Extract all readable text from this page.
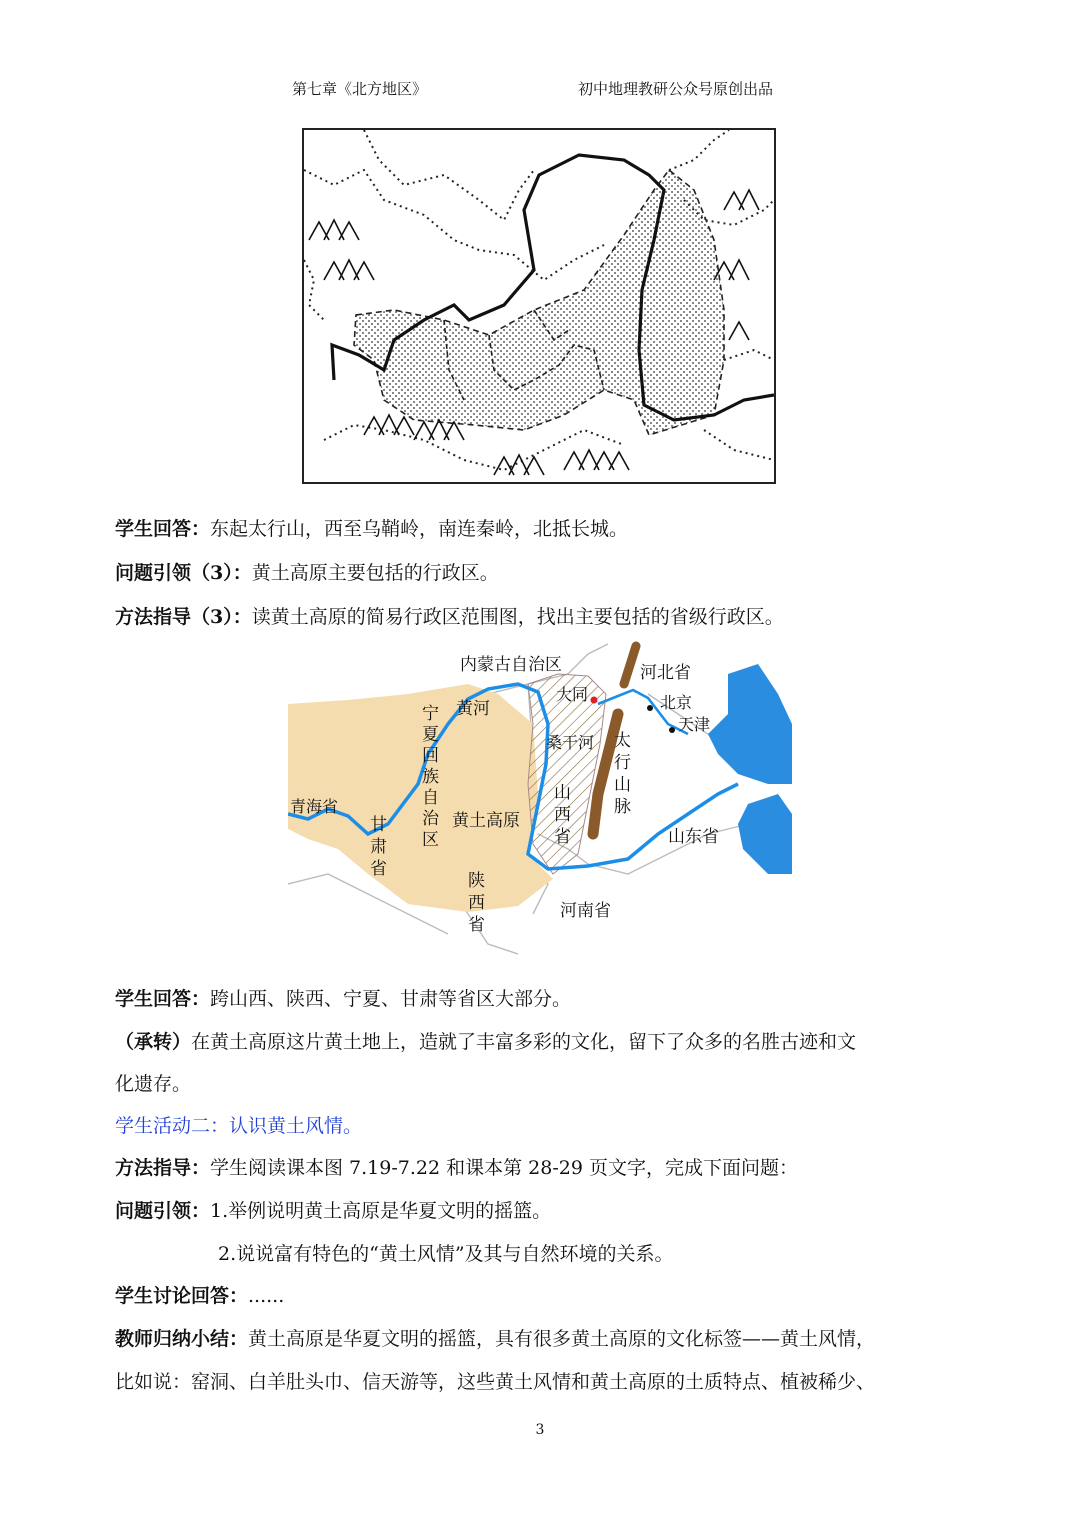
第七章《北方地区》	初中地理教研公众号原创出品
内蒙古自治区	河北省
大同	北京
天津
黄河
宁夏回族自治区
桑干河 太行山脉
青海省
黄土高原
山西省
甘肃省
山东省
陕西省
河南省
学生回答：东起太行山，西至乌鞘岭，南连秦岭，北抵长城。
问题引领（3）：黄土高原主要包括的行政区。
方法指导（3）：读黄土高原的简易行政区范围图，找出主要包括的省级行政区。
学生回答：跨山西、陕西、宁夏、甘肃等省区大部分。
（承转）在黄土高原这片黄土地上，造就了丰富多彩的文化，留下了众多的名胜古迹和文
化遗存。
学生活动二：认识黄土风情。
方法指导：学生阅读课本图 7.19-7.22 和课本第 28-29 页文字，完成下面问题：
问题引领：1.举例说明黄土高原是华夏文明的摇篮。
2.说说富有特色的“黄土风情”及其与自然环境的关系。
学生讨论回答：......
教师归纳小结：黄土高原是华夏文明的摇篮，具有很多黄土高原的文化标签——黄土风情，
比如说：窑洞、白羊肚头巾、信天游等，这些黄土风情和黄土高原的土质特点、植被稀少、
3
